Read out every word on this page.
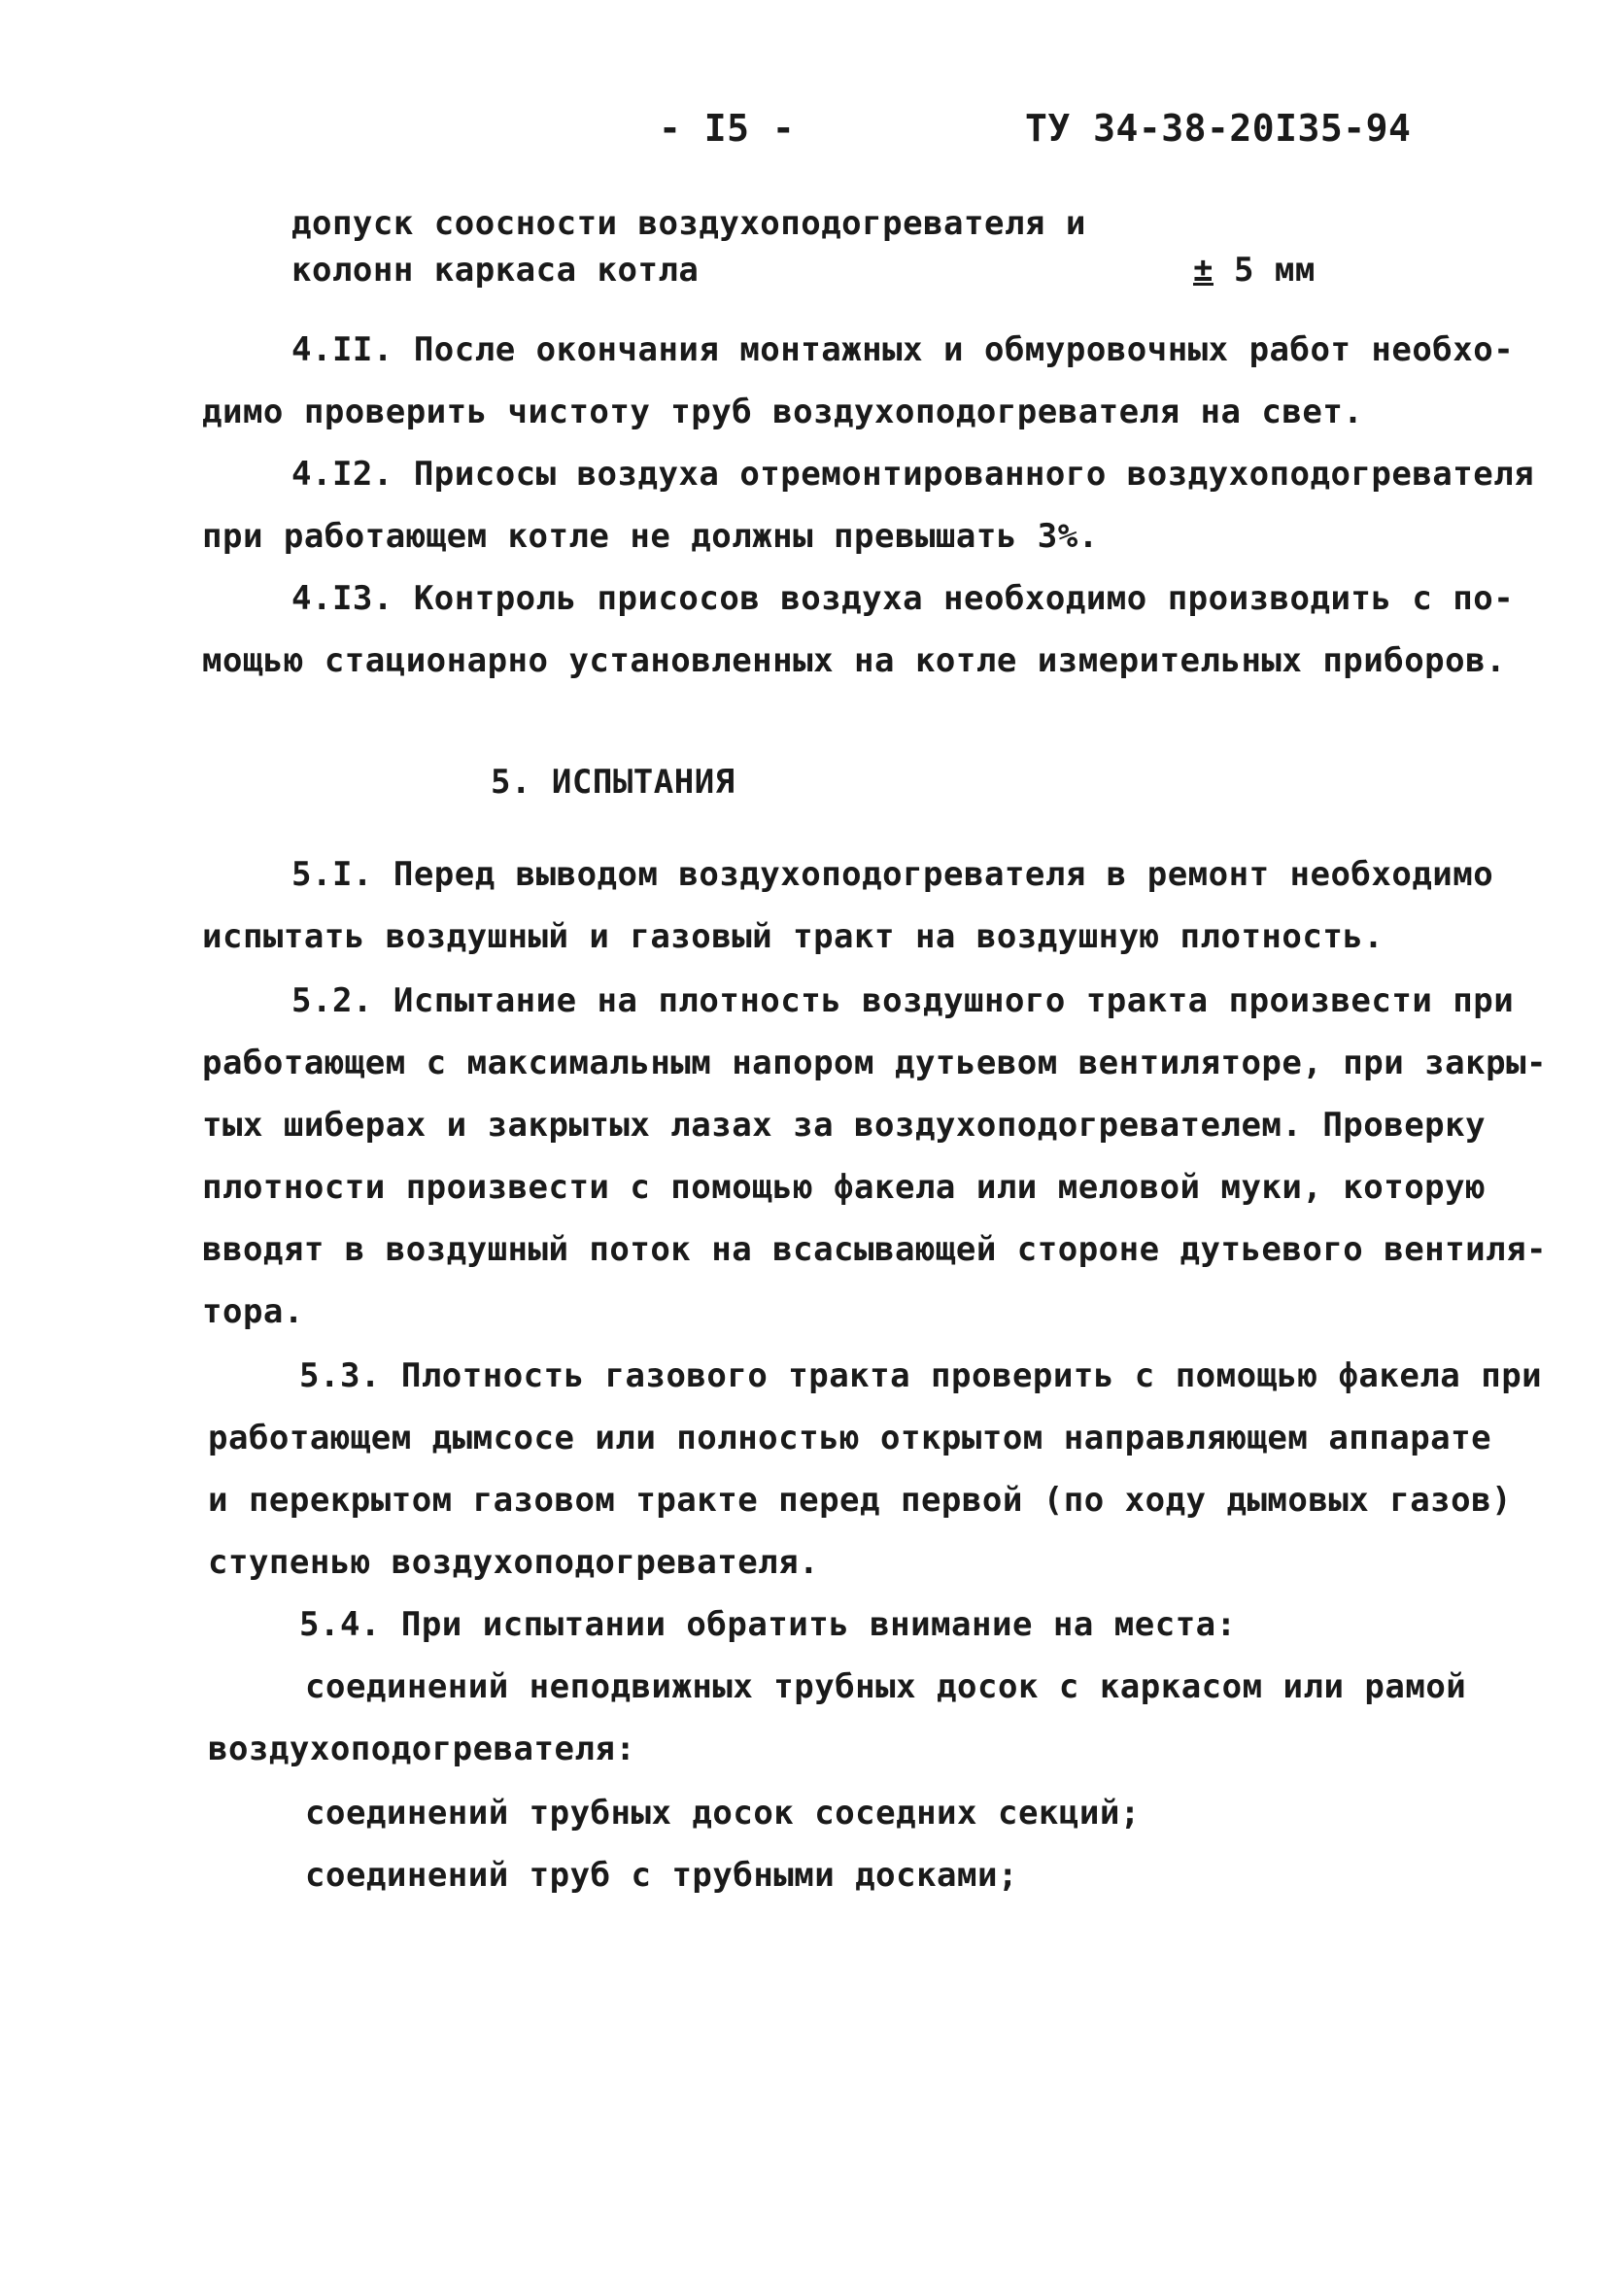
- I5 -	ТУ 34-38-20I35-94
допуск соосности воздухоподогревателя и
колонн каркаса котла	± 5 мм
4.II. После окончания монтажных и обмуровочных работ необхо-
димо проверить чистоту труб воздухоподогревателя на свет.
4.I2. Присосы воздуха отремонтированного воздухоподогревателя
при работающем котле не должны превышать 3%.
4.I3. Контроль присосов воздуха необходимо производить с по-
мощью стационарно установленных на котле измерительных приборов.
5. ИСПЫТАНИЯ
5.I. Перед выводом воздухоподогревателя в ремонт необходимо
испытать воздушный и газовый тракт на воздушную плотность.
5.2. Испытание на плотность воздушного тракта произвести при
работающем с максимальным напором дутьевом вентиляторе, при закры-
тых шиберах и закрытых лазах за воздухоподогревателем. Проверку
плотности произвести с помощью факела или меловой муки, которую
вводят в воздушный поток на всасывающей стороне дутьевого вентиля-
тора.
5.3. Плотность газового тракта проверить с помощью факела при
работающем дымсосе или полностью открытом направляющем аппарате
и перекрытом газовом тракте перед первой (по ходу дымовых газов)
ступенью воздухоподогревателя.
5.4. При испытании обратить внимание на места:
соединений неподвижных трубных досок с каркасом или рамой
воздухоподогревателя:
соединений трубных досок соседних секций;
соединений труб с трубными досками;
